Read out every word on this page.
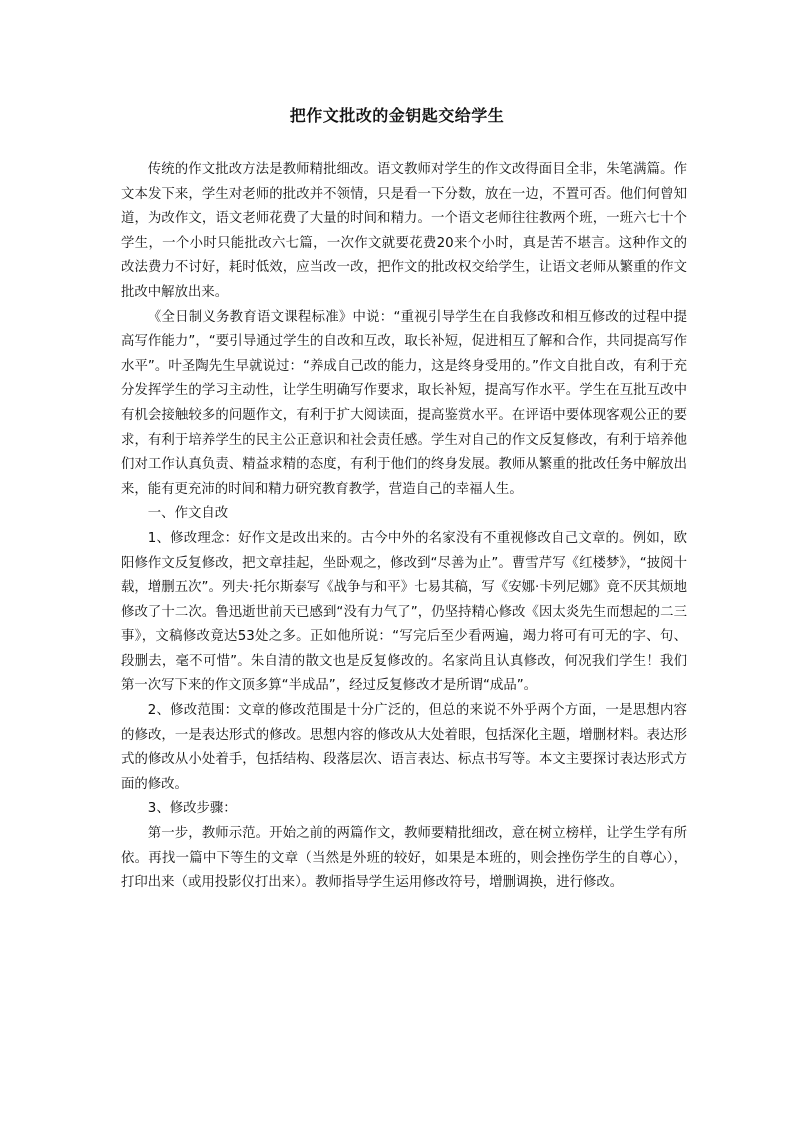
把作文批改的金钥匙交给学生

传统的作文批改方法是教师精批细改。语文教师对学生的作文改得面目全非，朱笔满篇。作文本发下来，学生对老师的批改并不领情，只是看一下分数，放在一边，不置可否。他们何曾知道，为改作文，语文老师花费了大量的时间和精力。一个语文老师往往教两个班，一班六七十个学生，一个小时只能批改六七篇，一次作文就要花费20来个小时，真是苦不堪言。这种作文的改法费力不讨好，耗时低效，应当改一改，把作文的批改权交给学生，让语文老师从繁重的作文批改中解放出来。

《全日制义务教育语文课程标准》中说：“重视引导学生在自我修改和相互修改的过程中提高写作能力”，“要引导通过学生的自改和互改，取长补短，促进相互了解和合作，共同提高写作水平”。叶圣陶先生早就说过：“养成自己改的能力，这是终身受用的。”作文自批自改，有利于充分发挥学生的学习主动性，让学生明确写作要求，取长补短，提高写作水平。学生在互批互改中有机会接触较多的问题作文，有利于扩大阅读面，提高鉴赏水平。在评语中要体现客观公正的要求，有利于培养学生的民主公正意识和社会责任感。学生对自己的作文反复修改，有利于培养他们对工作认真负责、精益求精的态度，有利于他们的终身发展。教师从繁重的批改任务中解放出来，能有更充沛的时间和精力研究教育教学，营造自己的幸福人生。

一、作文自改

1、修改理念：好作文是改出来的。古今中外的名家没有不重视修改自己文章的。例如，欧阳修作文反复修改，把文章挂起，坐卧观之，修改到“尽善为止”。曹雪芹写《红楼梦》，“披阅十载，增删五次”。列夫·托尔斯泰写《战争与和平》七易其稿，写《安娜·卡列尼娜》竟不厌其烦地修改了十二次。鲁迅逝世前天已感到“没有力气了”，仍坚持精心修改《因太炎先生而想起的二三事》，文稿修改竟达53处之多。正如他所说：“写完后至少看两遍，竭力将可有可无的字、句、段删去，毫不可惜”。朱自清的散文也是反复修改的。名家尚且认真修改，何况我们学生！我们第一次写下来的作文顶多算“半成品”，经过反复修改才是所谓“成品”。

2、修改范围：文章的修改范围是十分广泛的，但总的来说不外乎两个方面，一是思想内容的修改，一是表达形式的修改。思想内容的修改从大处着眼，包括深化主题，增删材料。表达形式的修改从小处着手，包括结构、段落层次、语言表达、标点书写等。本文主要探讨表达形式方面的修改。

3、修改步骤：

第一步，教师示范。开始之前的两篇作文，教师要精批细改，意在树立榜样，让学生学有所依。再找一篇中下等生的文章（当然是外班的较好，如果是本班的，则会挫伤学生的自尊心），打印出来（或用投影仪打出来）。教师指导学生运用修改符号，增删调换，进行修改。
